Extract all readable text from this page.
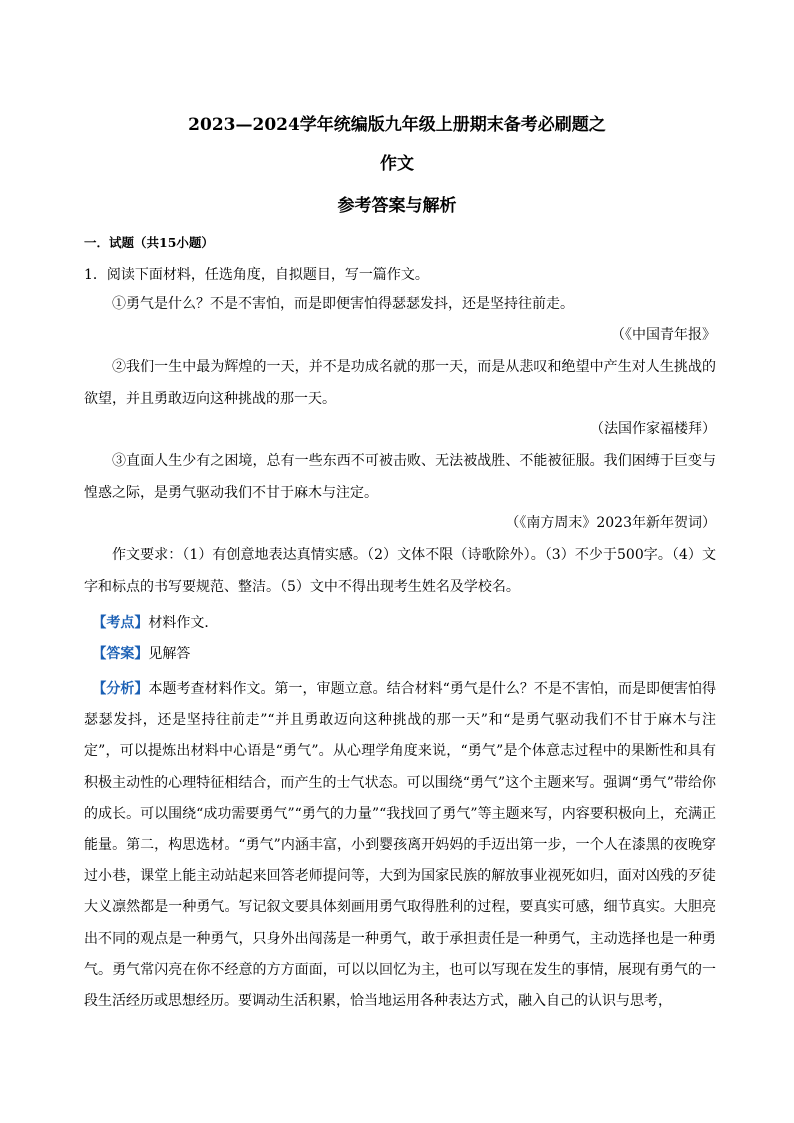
2023—2024学年统编版九年级上册期末备考必刷题之
作文
参考答案与解析
一．试题（共15小题）
1．阅读下面材料，任选角度，自拟题目，写一篇作文。

①勇气是什么？不是不害怕，而是即便害怕得瑟瑟发抖，还是坚持往前走。

（《中国青年报》

②我们一生中最为辉煌的一天，并不是功成名就的那一天，而是从悲叹和绝望中产生对人生挑战的欲望，并且勇敢迈向这种挑战的那一天。

（法国作家福楼拜）

③直面人生少有之困境，总有一些东西不可被击败、无法被战胜、不能被征服。我们困缚于巨变与惶惑之际，是勇气驱动我们不甘于麻木与注定。

（《南方周末》2023年新年贺词）

作文要求：（1）有创意地表达真情实感。（2）文体不限（诗歌除外）。（3）不少于500字。（4）文字和标点的书写要规范、整洁。（5）文中不得出现考生姓名及学校名。

【考点】材料作文．

【答案】见解答

【分析】本题考查材料作文。第一，审题立意。结合材料“勇气是什么？不是不害怕，而是即便害怕得瑟瑟发抖，还是坚持往前走”“并且勇敢迈向这种挑战的那一天”和“是勇气驱动我们不甘于麻木与注定”，可以提炼出材料中心语是“勇气”。从心理学角度来说，“勇气”是个体意志过程中的果断性和具有积极主动性的心理特征相结合，而产生的士气状态。可以围绕“勇气”这个主题来写。强调“勇气”带给你的成长。可以围绕“成功需要勇气”“勇气的力量”“我找回了勇气”等主题来写，内容要积极向上，充满正能量。第二，构思选材。“勇气”内涵丰富，小到婴孩离开妈妈的手迈出第一步，一个人在漆黑的夜晚穿过小巷，课堂上能主动站起来回答老师提问等，大到为国家民族的解放事业视死如归，面对凶残的歹徒大义凛然都是一种勇气。写记叙文要具体刻画用勇气取得胜利的过程，要真实可感，细节真实。大胆亮出不同的观点是一种勇气，只身外出闯荡是一种勇气，敢于承担责任是一种勇气，主动选择也是一种勇气。勇气常闪亮在你不经意的方方面面，可以以回忆为主，也可以写现在发生的事情，展现有勇气的一段生活经历或思想经历。要调动生活积累，恰当地运用各种表达方式，融入自己的认识与思考，
